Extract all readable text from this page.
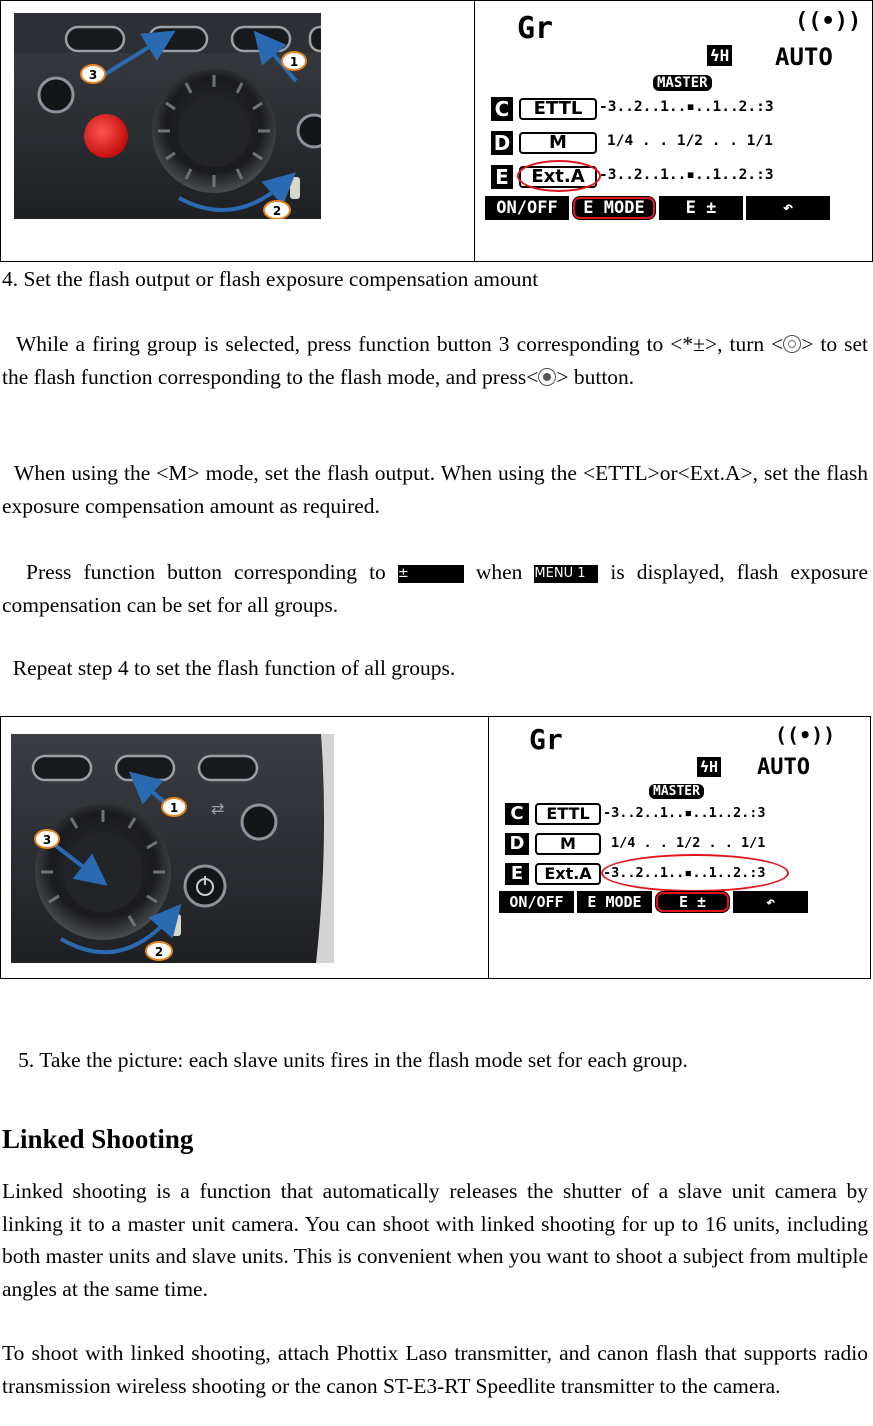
3
1
2
Gr	((•))
ϟH AUTO
MASTER
C	ETTL	-3..2..1..▪..1..2.:3
D	M	1/4 . . 1/2 . . 1/1
E	Ext.A -3..2..1..▪..1..2.:3
ON/OFF	E MODE	E ±	↶

4. Set the flash output or flash exposure compensation amount

While a firing group is selected, press function button 3 corresponding to <*±>, turn < > to set the flash function corresponding to the flash mode, and press< > button.

When using the <M> mode, set the flash output. When using the <ETTL>or<Ext.A>, set the flash exposure compensation amount as required.

Press function button corresponding to ±	when MENU 1 is displayed, flash exposure compensation can be set for all groups.

Repeat step 4 to set the flash function of all groups.

⇄
1
3
2
Gr	((•))
ϟH AUTO
MASTER
C	ETTL -3..2..1..▪..1..2.:3
D	M	1/4 . . 1/2 . . 1/1
E	Ext.A -3..2..1..▪..1..2.:3
ON/OFF	E MODE	E ±	↶

5. Take the picture: each slave units fires in the flash mode set for each group.

Linked Shooting

Linked shooting is a function that automatically releases the shutter of a slave unit camera by linking it to a master unit camera. You can shoot with linked shooting for up to 16 units, including both master units and slave units. This is convenient when you want to shoot a subject from multiple angles at the same time.

To shoot with linked shooting, attach Phottix Laso transmitter, and canon flash that supports radio transmission wireless shooting or the canon ST-E3-RT Speedlite transmitter to the camera.
